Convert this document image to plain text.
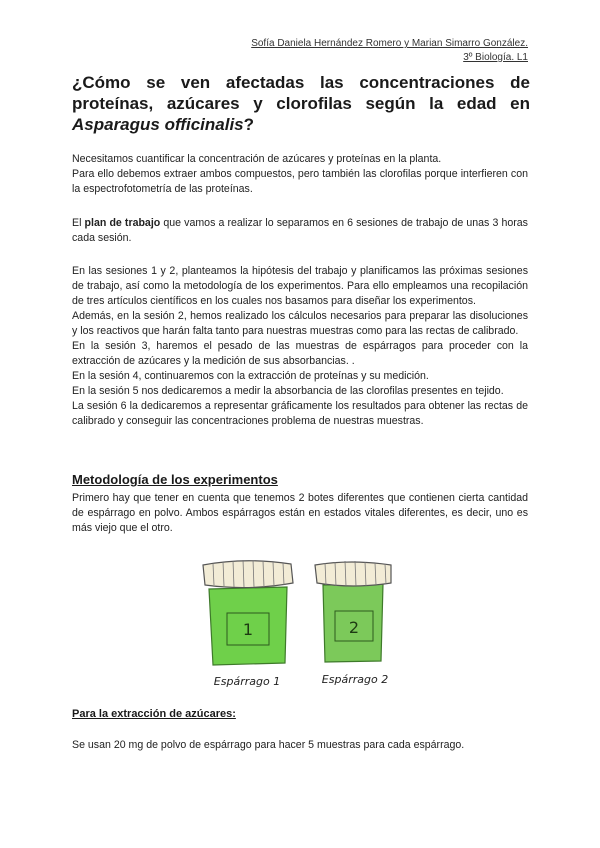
Sofía Daniela Hernández Romero y Marian Simarro González.
3º Biología. L1
¿Cómo se ven afectadas las concentraciones de proteínas, azúcares y clorofilas según la edad en Asparagus officinalis?

Necesitamos cuantificar la concentración de azúcares y proteínas en la planta.

Para ello debemos extraer ambos compuestos, pero también las clorofilas porque interfieren con la espectrofotometría de las proteínas.

El plan de trabajo que vamos a realizar lo separamos en 6 sesiones de trabajo de unas 3 horas cada sesión.

En las sesiones 1 y 2, planteamos la hipótesis del trabajo y planificamos las próximas sesiones de trabajo, así como la metodología de los experimentos. Para ello empleamos una recopilación de tres artículos científicos en los cuales nos basamos para diseñar los experimentos.

Además, en la sesión 2, hemos realizado los cálculos necesarios para preparar las disoluciones y los reactivos que harán falta tanto para nuestras muestras como para las rectas de calibrado.

En la sesión 3, haremos el pesado de las muestras de espárragos para proceder con la extracción de azúcares y la medición de sus absorbancias. .

En la sesión 4, continuaremos con la extracción de proteínas y su medición.

En la sesión 5 nos dedicaremos a medir la absorbancia de las clorofilas presentes en tejido.

La sesión 6 la dedicaremos a representar gráficamente los resultados para obtener las rectas de calibrado y conseguir las concentraciones problema de nuestras muestras.

Metodología de los experimentos

Primero hay que tener en cuenta que tenemos 2 botes diferentes que contienen cierta cantidad de espárrago en polvo. Ambos espárragos están en estados vitales diferentes, es decir, uno es más viejo que el otro.

1
Espárrago 1
2
Espárrago 2
Para la extracción de azúcares:

Se usan 20 mg de polvo de espárrago para hacer 5 muestras para cada espárrago.
